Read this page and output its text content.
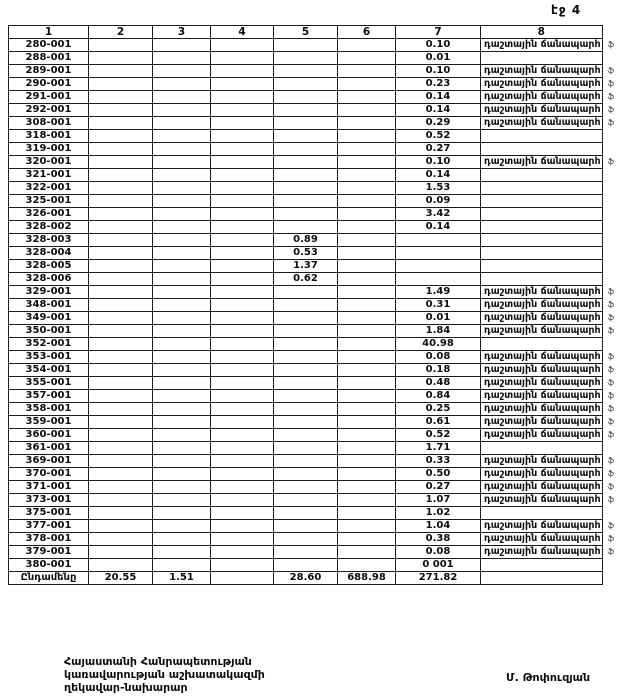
էջ 4
1	2	3	4	5	6	7	8	
280-001						0.10	դաշտային ճանապարհ	ֆ
288-001						0.01		
289-001						0.10	դաշտային ճանապարհ	ֆ
290-001						0.23	դաշտային ճանապարհ	ֆ
291-001						0.14	դաշտային ճանապարհ	ֆ
292-001						0.14	դաշտային ճանապարհ	ֆ
308-001						0.29	դաշտային ճանապարհ	ֆ
318-001						0.52		
319-001						0.27		
320-001						0.10	դաշտային ճանապարհ	ֆ
321-001						0.14		
322-001						1.53		
325-001						0.09		
326-001						3.42		
328-002						0.14		
328-003				0.89				
328-004				0.53				
328-005				1.37				
328-006				0.62				
329-001						1.49	դաշտային ճանապարհ	ֆ
348-001						0.31	դաշտային ճանապարհ	ֆ
349-001						0.01	դաշտային ճանապարհ	ֆ
350-001						1.84	դաշտային ճանապարհ	ֆ
352-001						40.98		
353-001						0.08	դաշտային ճանապարհ	ֆ
354-001						0.18	դաշտային ճանապարհ	ֆ
355-001						0.48	դաշտային ճանապարհ	ֆ
357-001						0.84	դաշտային ճանապարհ	ֆ
358-001						0.25	դաշտային ճանապարհ	ֆ
359-001						0.61	դաշտային ճանապարհ	ֆ
360-001						0.52	դաշտային ճանապարհ	ֆ
361-001						1.71		
369-001						0.33	դաշտային ճանապարհ	ֆ
370-001						0.50	դաշտային ճանապարհ	ֆ
371-001						0.27	դաշտային ճանապարհ	ֆ
373-001						1.07	դաշտային ճանապարհ	ֆ
375-001						1.02		
377-001						1.04	դաշտային ճանապարհ	ֆ
378-001						0.38	դաշտային ճանապարհ	ֆ
379-001						0.08	դաշտային ճանապարհ	ֆ
380-001						0 001		
Ընդամենը	20.55	1.51		28.60	688.98	271.82		
Հայաստանի Հանրապետության
կառավարության աշխատակազմի
ղեկավար-նախարար
Մ. Թոփուզյան
